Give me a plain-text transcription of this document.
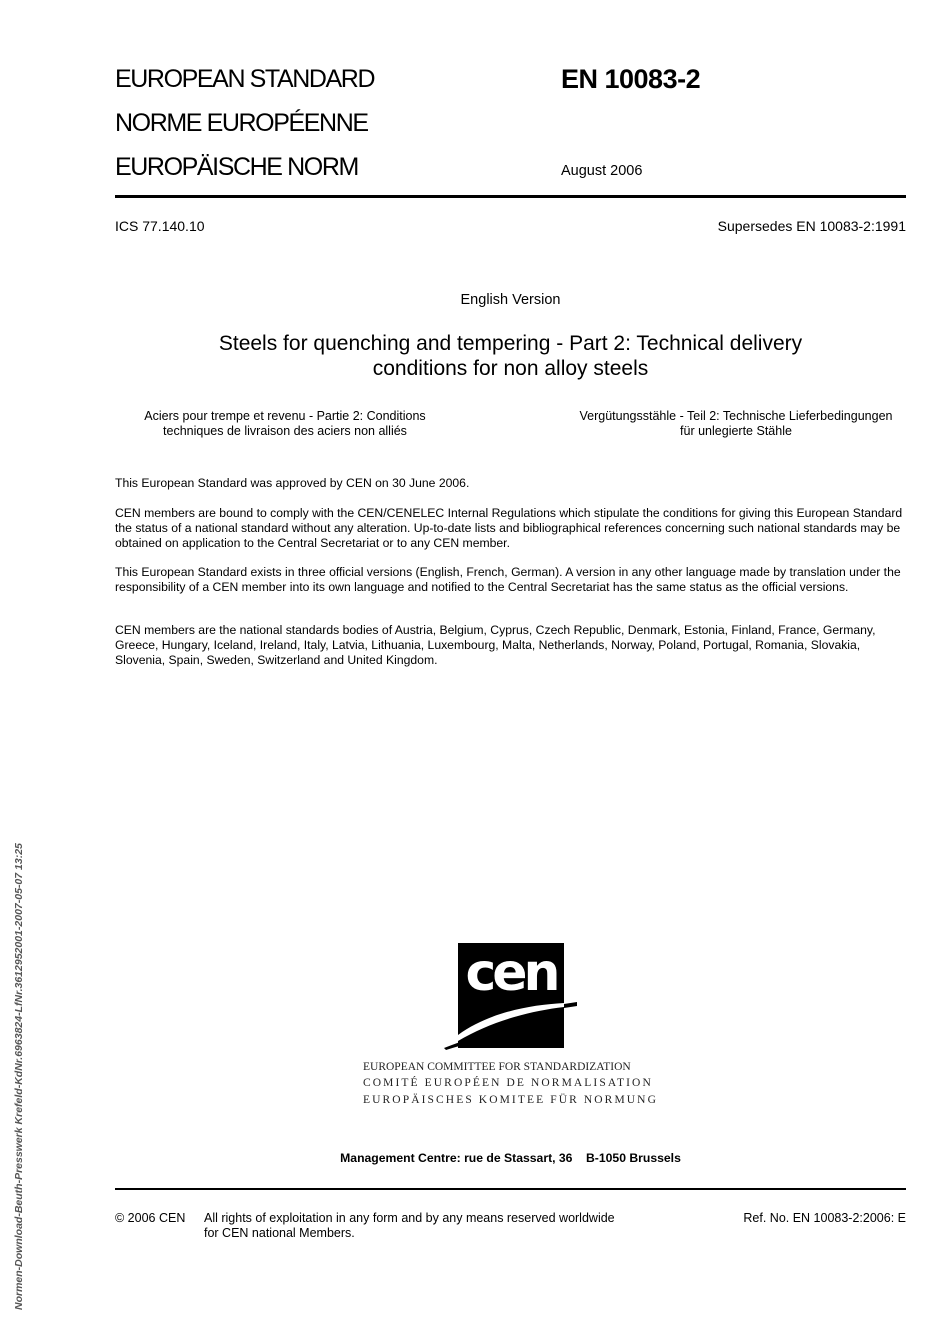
EUROPEAN STANDARD
NORME EUROPÉENNE
EUROPÄISCHE NORM
EN 10083-2
August 2006
ICS 77.140.10	Supersedes EN 10083-2:1991
English Version
Steels for quenching and tempering - Part 2: Technical delivery
conditions for non alloy steels
Aciers pour trempe et revenu - Partie 2: Conditions
techniques de livraison des aciers non alliés
Vergütungsstähle - Teil 2: Technische Lieferbedingungen
für unlegierte Stähle

This European Standard was approved by CEN on 30 June 2006.

CEN members are bound to comply with the CEN/CENELEC Internal Regulations which stipulate the conditions for giving this European Standard the status of a national standard without any alteration. Up-to-date lists and bibliographical references concerning such national standards may be obtained on application to the Central Secretariat or to any CEN member.

This European Standard exists in three official versions (English, French, German). A version in any other language made by translation under the responsibility of a CEN member into its own language and notified to the Central Secretariat has the same status as the official versions.

CEN members are the national standards bodies of Austria, Belgium, Cyprus, Czech Republic, Denmark, Estonia, Finland, France, Germany, Greece, Hungary, Iceland, Ireland, Italy, Latvia, Lithuania, Luxembourg, Malta, Netherlands, Norway, Poland, Portugal, Romania, Slovakia, Slovenia, Spain, Sweden, Switzerland and United Kingdom.

Normen-Download-Beuth-Presswerk Krefeld-KdNr.6963824-LfNr.3612952001-2007-05-07 13:25	cen
EUROPEAN COMMITTEE FOR STANDARDIZATION
COMITÉ EUROPÉEN DE NORMALISATION
EUROPÄISCHES KOMITEE FÜR NORMUNG
Management Centre: rue de Stassart, 36    B-1050 Brussels
© 2006 CEN All rights of exploitation in any form and by any means reserved worldwide
for CEN national Members.
Ref. No. EN 10083-2:2006: E
